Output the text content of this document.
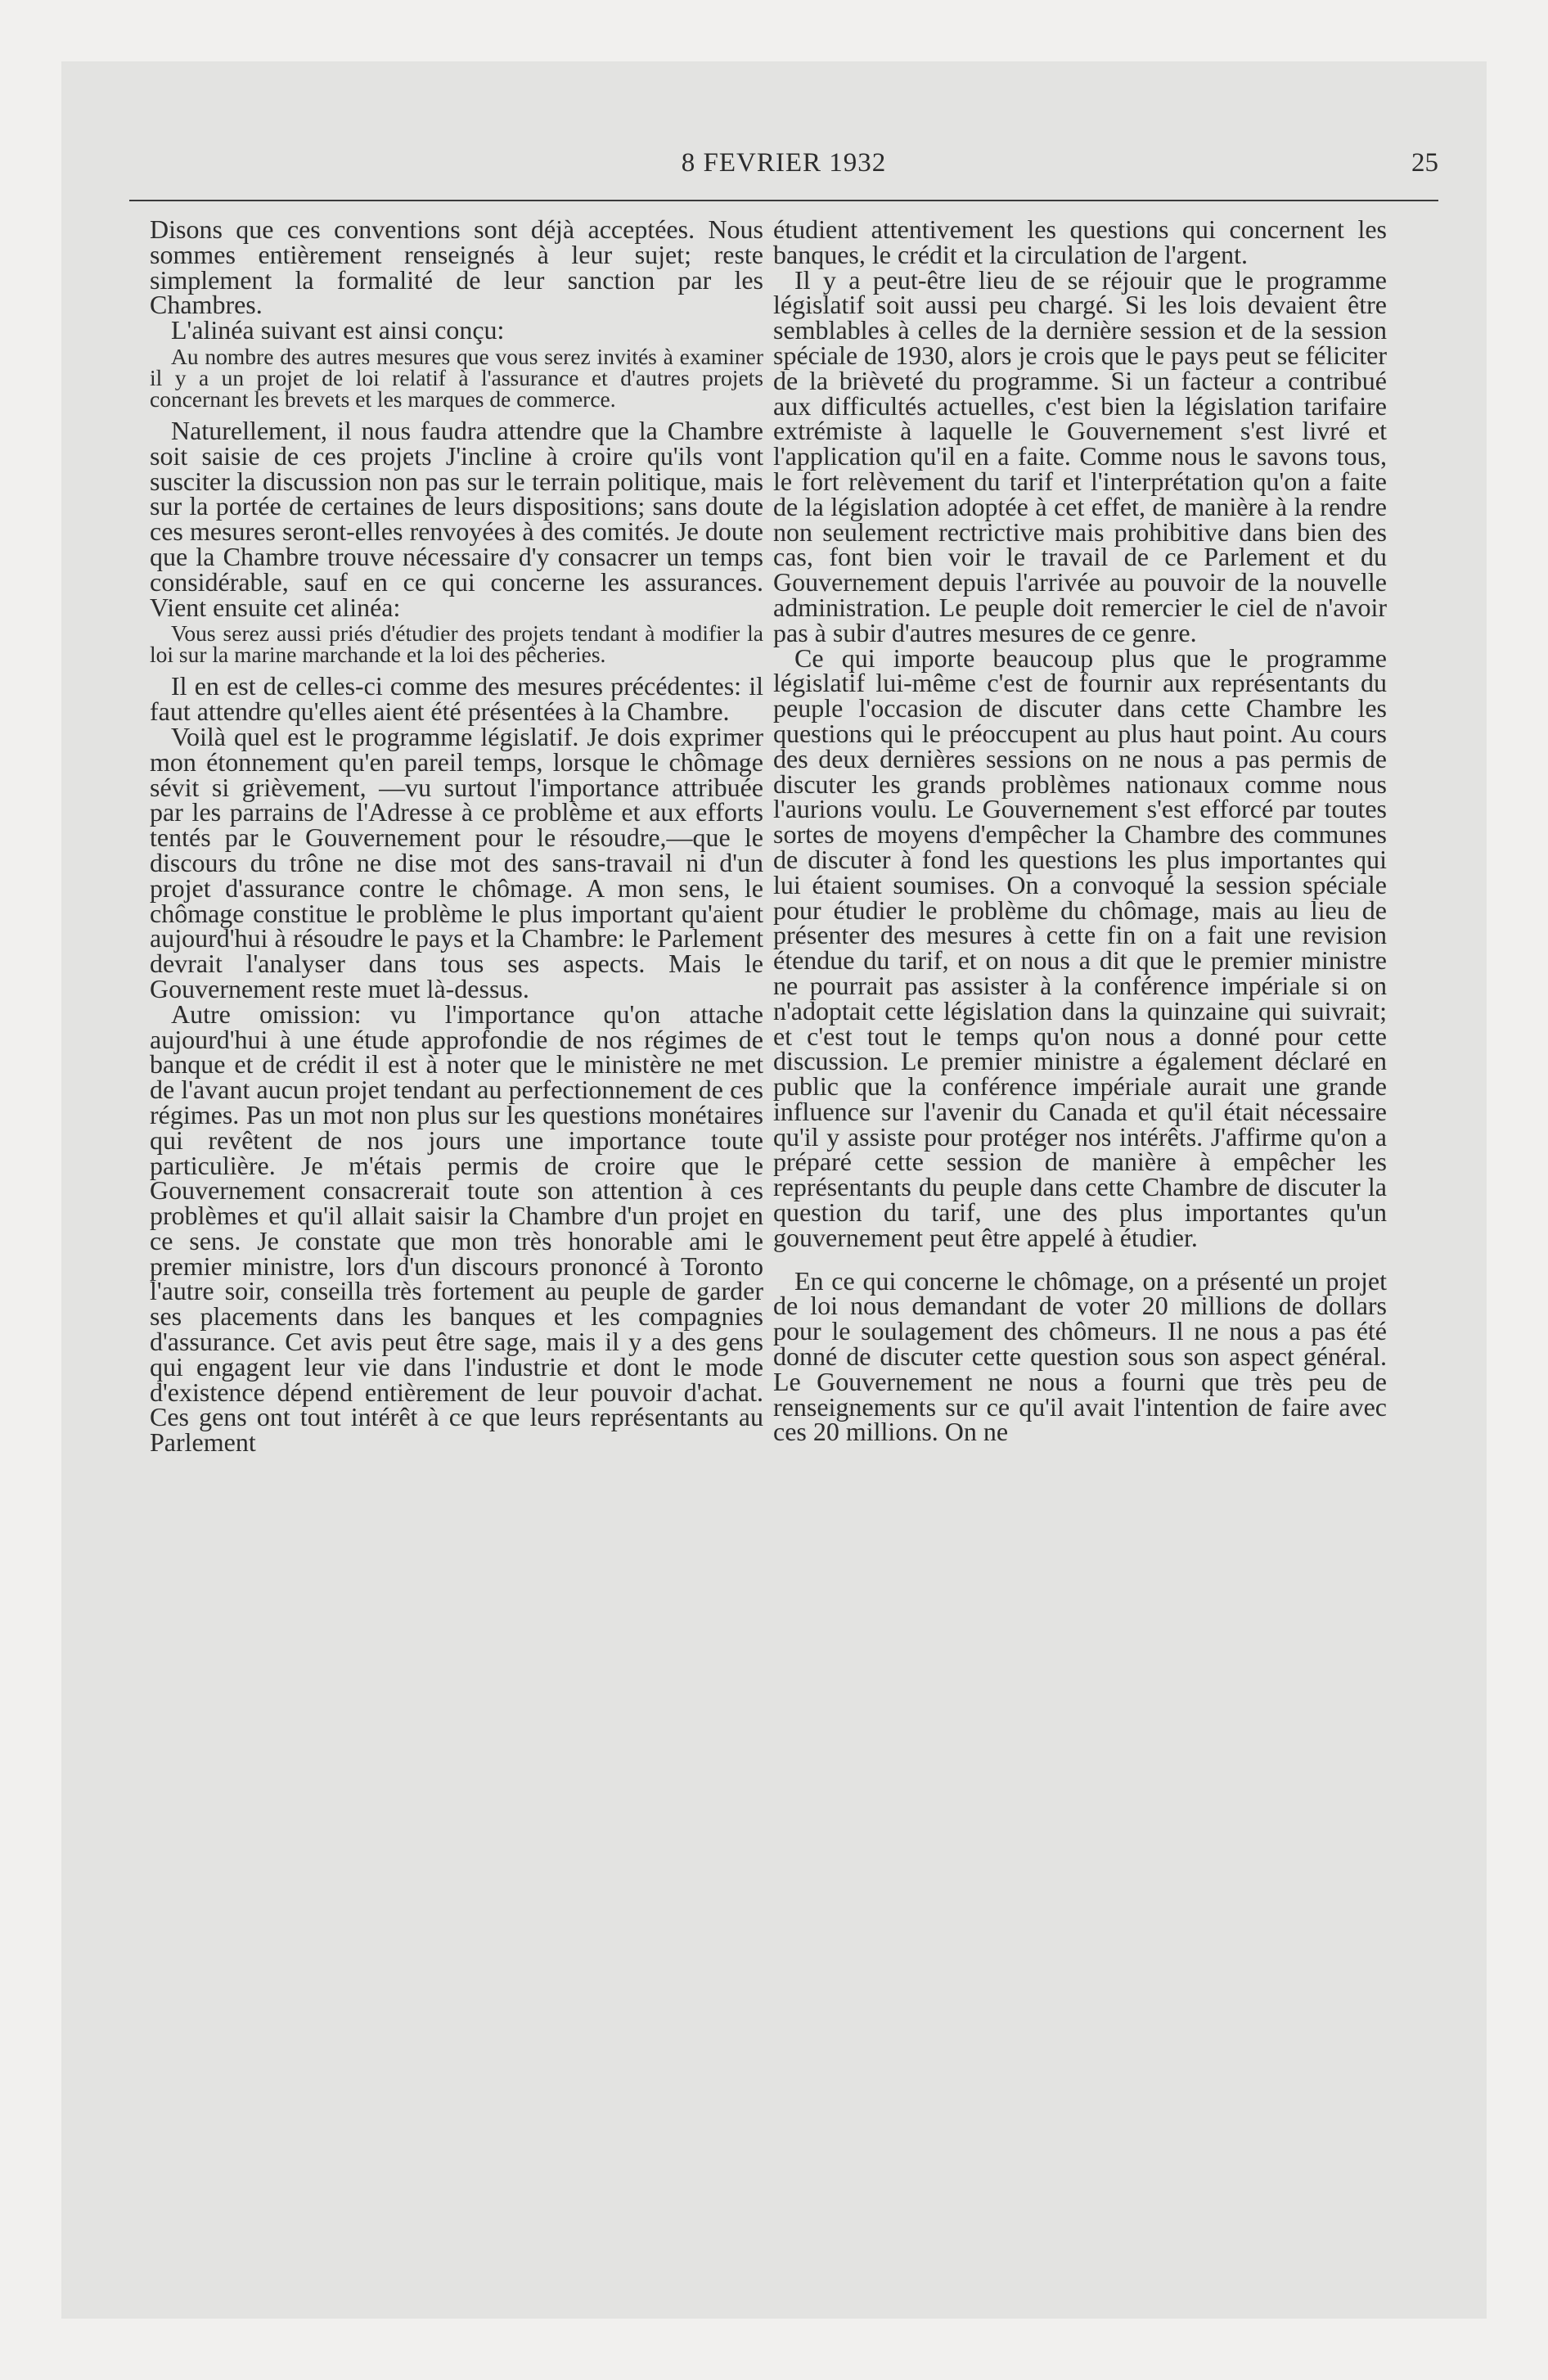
8 FEVRIER 1932	25

Disons que ces conventions sont déjà acceptées. Nous sommes entièrement renseignés à leur sujet; reste simplement la formalité de leur sanction par les Chambres.

L'alinéa suivant est ainsi conçu:

Au nombre des autres mesures que vous serez invités à examiner il y a un projet de loi relatif à l'assurance et d'autres projets concernant les brevets et les marques de commerce.

Naturellement, il nous faudra attendre que la Chambre soit saisie de ces projets J'incline à croire qu'ils vont susciter la discussion non pas sur le terrain politique, mais sur la portée de certaines de leurs dispositions; sans doute ces mesures seront-elles renvoyées à des comités. Je doute que la Chambre trouve nécessaire d'y consacrer un temps considérable, sauf en ce qui concerne les assurances. Vient ensuite cet alinéa:

Vous serez aussi priés d'étudier des projets tendant à modifier la loi sur la marine marchande et la loi des pêcheries.

Il en est de celles-ci comme des mesures précédentes: il faut attendre qu'elles aient été présentées à la Chambre.

Voilà quel est le programme législatif. Je dois exprimer mon étonnement qu'en pareil temps, lorsque le chômage sévit si grièvement, —vu surtout l'importance attribuée par les parrains de l'Adresse à ce problème et aux efforts tentés par le Gouvernement pour le résoudre,—que le discours du trône ne dise mot des sans-travail ni d'un projet d'assurance contre le chômage. A mon sens, le chômage constitue le problème le plus important qu'aient aujourd'hui à résoudre le pays et la Chambre: le Parlement devrait l'analyser dans tous ses aspects. Mais le Gouvernement reste muet là-dessus.

Autre omission: vu l'importance qu'on attache aujourd'hui à une étude approfondie de nos régimes de banque et de crédit il est à noter que le ministère ne met de l'avant aucun projet tendant au perfectionnement de ces régimes. Pas un mot non plus sur les questions monétaires qui revêtent de nos jours une importance toute particulière. Je m'étais permis de croire que le Gouvernement consacrerait toute son attention à ces problèmes et qu'il allait saisir la Chambre d'un projet en ce sens. Je constate que mon très honorable ami le premier ministre, lors d'un discours prononcé à Toronto l'autre soir, conseilla très fortement au peuple de garder ses placements dans les banques et les compagnies d'assurance. Cet avis peut être sage, mais il y a des gens qui engagent leur vie dans l'industrie et dont le mode d'existence dépend entièrement de leur pouvoir d'achat. Ces gens ont tout intérêt à ce que leurs représentants au Parlement

étudient attentivement les questions qui concernent les banques, le crédit et la circulation de l'argent.

Il y a peut-être lieu de se réjouir que le programme législatif soit aussi peu chargé. Si les lois devaient être semblables à celles de la dernière session et de la session spéciale de 1930, alors je crois que le pays peut se féliciter de la brièveté du programme. Si un facteur a contribué aux difficultés actuelles, c'est bien la législation tarifaire extrémiste à laquelle le Gouvernement s'est livré et l'application qu'il en a faite. Comme nous le savons tous, le fort relèvement du tarif et l'interprétation qu'on a faite de la législation adoptée à cet effet, de manière à la rendre non seulement rectrictive mais prohibitive dans bien des cas, font bien voir le travail de ce Parlement et du Gouvernement depuis l'arrivée au pouvoir de la nouvelle administration. Le peuple doit remercier le ciel de n'avoir pas à subir d'autres mesures de ce genre.

Ce qui importe beaucoup plus que le programme législatif lui-même c'est de fournir aux représentants du peuple l'occasion de discuter dans cette Chambre les questions qui le préoccupent au plus haut point. Au cours des deux dernières sessions on ne nous a pas permis de discuter les grands problèmes nationaux comme nous l'aurions voulu. Le Gouvernement s'est efforcé par toutes sortes de moyens d'empêcher la Chambre des communes de discuter à fond les questions les plus importantes qui lui étaient soumises. On a convoqué la session spéciale pour étudier le problème du chômage, mais au lieu de présenter des mesures à cette fin on a fait une revision étendue du tarif, et on nous a dit que le premier ministre ne pourrait pas assister à la conférence impériale si on n'adoptait cette législation dans la quinzaine qui suivrait; et c'est tout le temps qu'on nous a donné pour cette discussion. Le premier ministre a également déclaré en public que la conférence impériale aurait une grande influence sur l'avenir du Canada et qu'il était nécessaire qu'il y assiste pour protéger nos intérêts. J'affirme qu'on a préparé cette session de manière à empêcher les représentants du peuple dans cette Chambre de discuter la question du tarif, une des plus importantes qu'un gouvernement peut être appelé à étudier.

En ce qui concerne le chômage, on a présenté un projet de loi nous demandant de voter 20 millions de dollars pour le soulagement des chômeurs. Il ne nous a pas été donné de discuter cette question sous son aspect général. Le Gouvernement ne nous a fourni que très peu de renseignements sur ce qu'il avait l'intention de faire avec ces 20 millions. On ne
